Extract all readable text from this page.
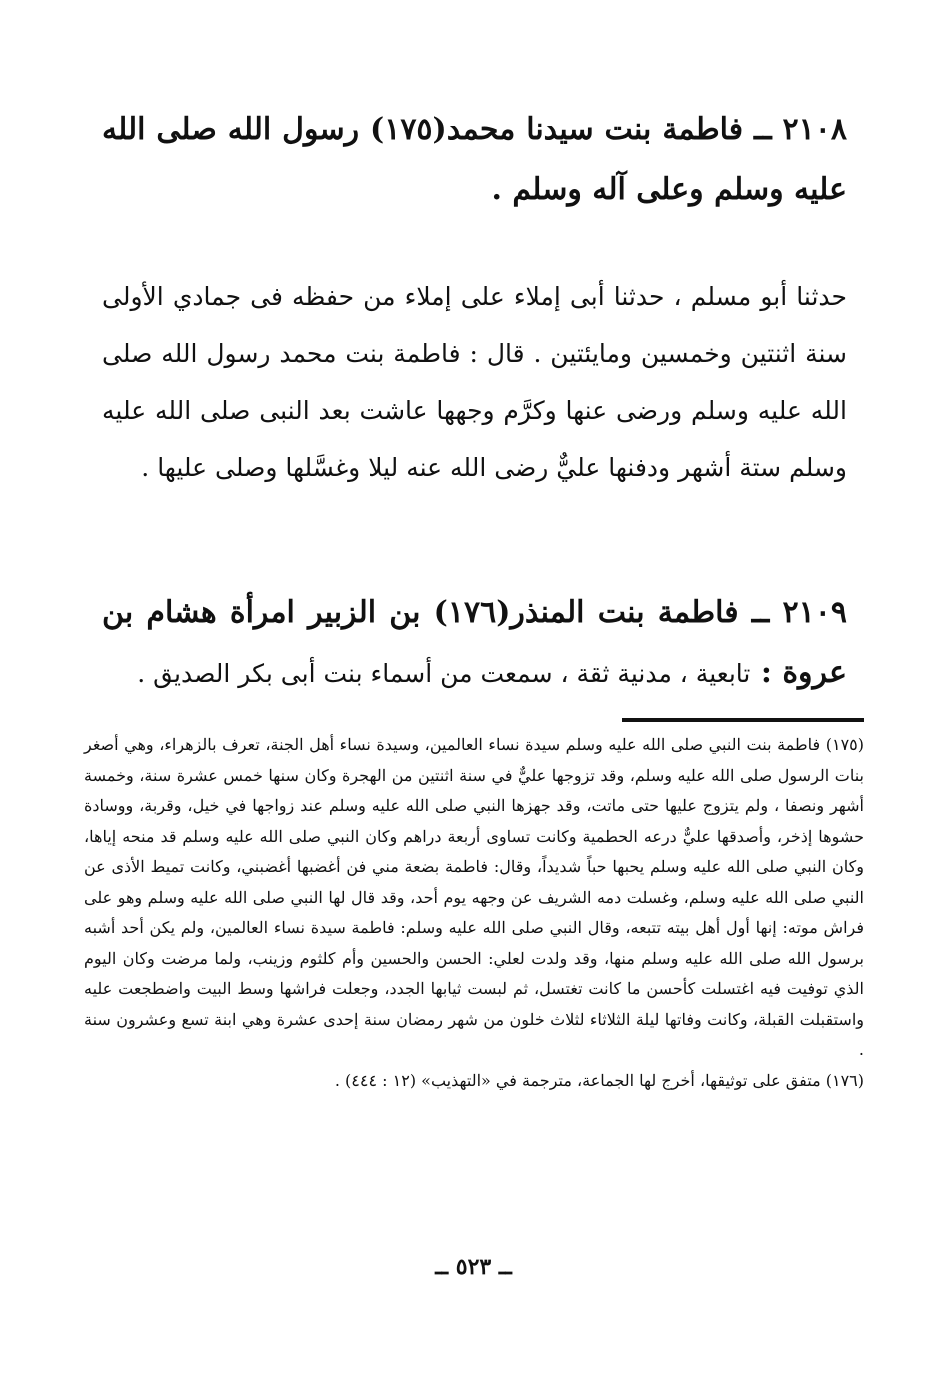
٢١٠٨ ــ فاطمة بنت سيدنا محمد(١٧٥) رسول الله صلى الله عليه وسلم وعلى آله وسلم .
حدثنا أبو مسلم ، حدثنا أبى إملاء على إملاء من حفظه فى جمادي الأولى سنة اثنتين وخمسين ومايئتين . قال : فاطمة بنت محمد رسول الله صلى الله عليه وسلم ورضى عنها وكرَّم وجهها عاشت بعد النبى صلى الله عليه وسلم ستة أشهر ودفنها عليٌّ رضى الله عنه ليلا وغسَّلها وصلى عليها .
٢١٠٩ ــ فاطمة بنت المنذر(١٧٦) بن الزبير امرأة هشام بن عروة : تابعية ، مدنية ثقة ، سمعت من أسماء بنت أبى بكر الصديق .

(١٧٥) فاطمة بنت النبي صلى الله عليه وسلم سيدة نساء العالمين، وسيدة نساء أهل الجنة، تعرف بالزهراء، وهي أصغر بنات الرسول صلى الله عليه وسلم، وقد تزوجها عليٌّ في سنة اثنتين من الهجرة وكان سنها خمس عشرة سنة، وخمسة أشهر ونصفا ، ولم يتزوج عليها حتى ماتت، وقد جهزها النبي صلى الله عليه وسلم عند زواجها في خيل، وقربة، ووسادة حشوها إذخر، وأصدقها عليٌّ درعه الحطمية وكانت تساوى أربعة دراهم وكان النبي صلى الله عليه وسلم قد منحه إياها، وكان النبي صلى الله عليه وسلم يحبها حباً شديداً، وقال: فاطمة بضعة مني فن أغضبها أغضبني، وكانت تميط الأذى عن النبي صلى الله عليه وسلم، وغسلت دمه الشريف عن وجهه يوم أحد، وقد قال لها النبي صلى الله عليه وسلم وهو على فراش موته: إنها أول أهل بيته تتبعه، وقال النبي صلى الله عليه وسلم: فاطمة سيدة نساء العالمين، ولم يكن أحد أشبه برسول الله صلى الله عليه وسلم منها، وقد ولدت لعلي: الحسن والحسين وأم كلثوم وزينب، ولما مرضت وكان اليوم الذي توفيت فيه اغتسلت كأحسن ما كانت تغتسل، ثم لبست ثيابها الجدد، وجعلت فراشها وسط البيت واضطجعت عليه واستقبلت القبلة، وكانت وفاتها ليلة الثلاثاء لثلاث خلون من شهر رمضان سنة إحدى عشرة وهي ابنة تسع وعشرون سنة .

(١٧٦) متفق على توثيقها، أخرج لها الجماعة، مترجمة في «التهذيب» (١٢ : ٤٤٤) .

ــ ٥٢٣ ــ
